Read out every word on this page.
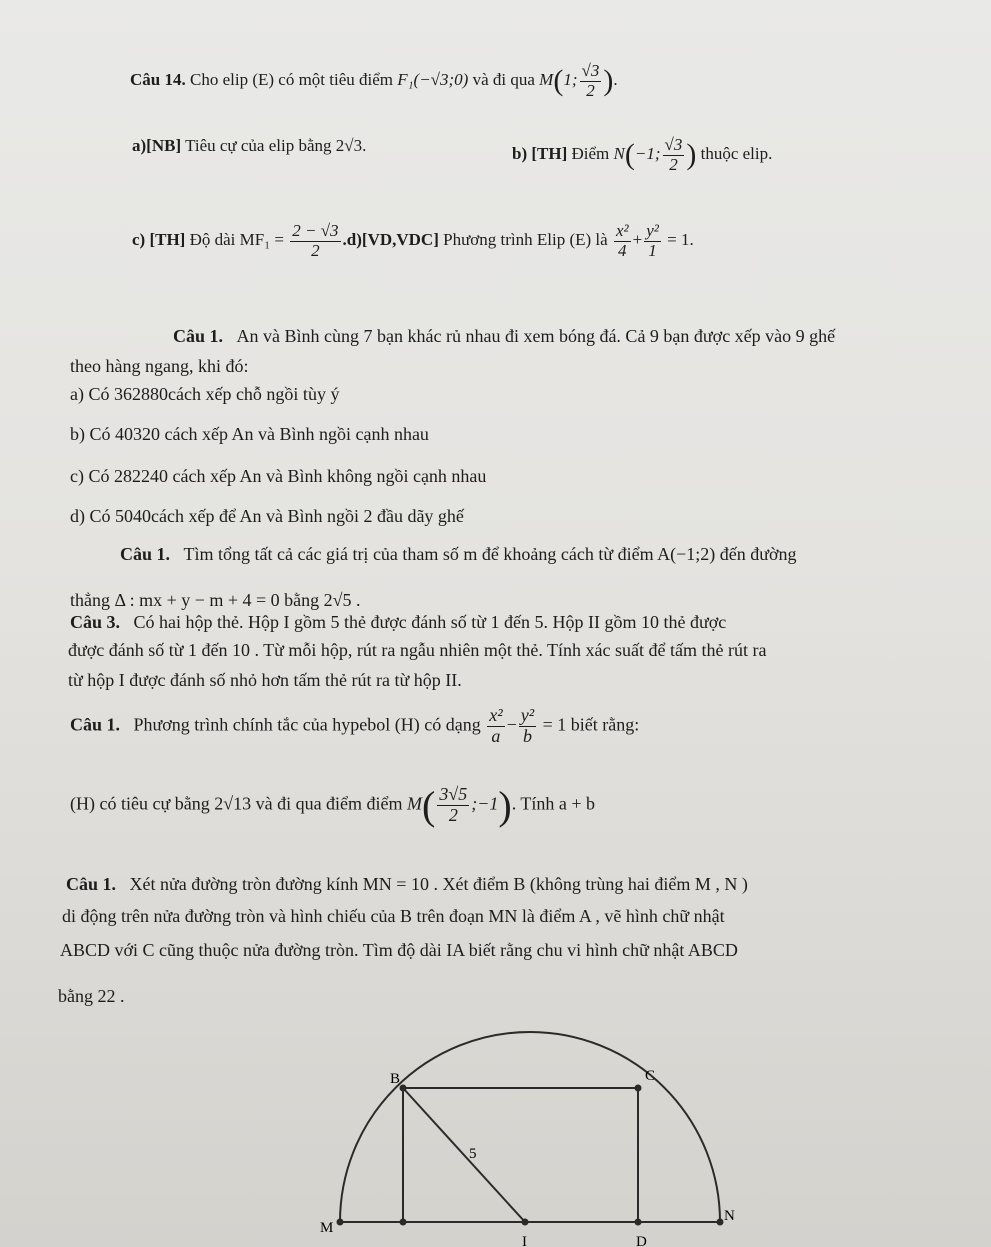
Câu 14. Cho elip (E) có một tiêu điểm F₁(−√3;0) và đi qua M(1; $\frac{√3}{2}$ ).
a)[NB] Tiêu cự của elip bằng 2√3.	b) [TH] Điểm N(−1; $\frac{√3}{2}$ ) thuộc elip.
c) [TH] Độ dài $MF_1 = \frac{2 - √3}{2} .d)[VD,VDC]$ Phương trình Elip (E) là $\frac{\text{x²}}{4} + \frac{\text{y²}}{1} = 1$.
Câu 1. An và Bình cùng 7 bạn khác rủ nhau đi xem bóng đá. Cả 9 bạn được xếp vào 9 ghế
theo hàng ngang, khi đó:
a) Có 362880cách xếp chỗ ngồi tùy ý
b) Có 40320 cách xếp An và Bình ngồi cạnh nhau
c) Có 282240 cách xếp An và Bình không ngồi cạnh nhau
d) Có 5040cách xếp để An và Bình ngồi 2 đầu dãy ghế
Câu 1. Tìm tổng tất cả các giá trị của tham số m để khoảng cách từ điểm A(−1;2) đến đường
thẳng Δ : mx + y − m + 4 = 0 bằng 2√5 .
Câu 3. Có hai hộp thẻ. Hộp I gồm 5 thẻ được đánh số từ 1 đến 5. Hộp II gồm 10 thẻ được
được đánh số từ 1 đến 10 . Từ mỗi hộp, rút ra ngẫu nhiên một thẻ. Tính xác suất để tấm thẻ rút ra
từ hộp I được đánh số nhỏ hơn tấm thẻ rút ra từ hộp II.
Câu 1. Phương trình chính tắc của hypebol (H) có dạng $\frac{\text{x²}}{a} - \frac{\text{y²}}{b} = 1$ biết rằng:
(H) có tiêu cự bằng 2√13 và đi qua điểm điểm $M( \frac{3√5}{2}$ ;−1). Tính a + b
Câu 1. Xét nửa đường tròn đường kính MN = 10 . Xét điểm B (không trùng hai điểm M , N )
di động trên nửa đường tròn và hình chiếu của B trên đoạn MN là điểm A , vẽ hình chữ nhật
ABCD với C cũng thuộc nửa đường tròn. Tìm độ dài IA biết rằng chu vi hình chữ nhật ABCD
bằng 22 .
B	C
5
M
N
I	D
